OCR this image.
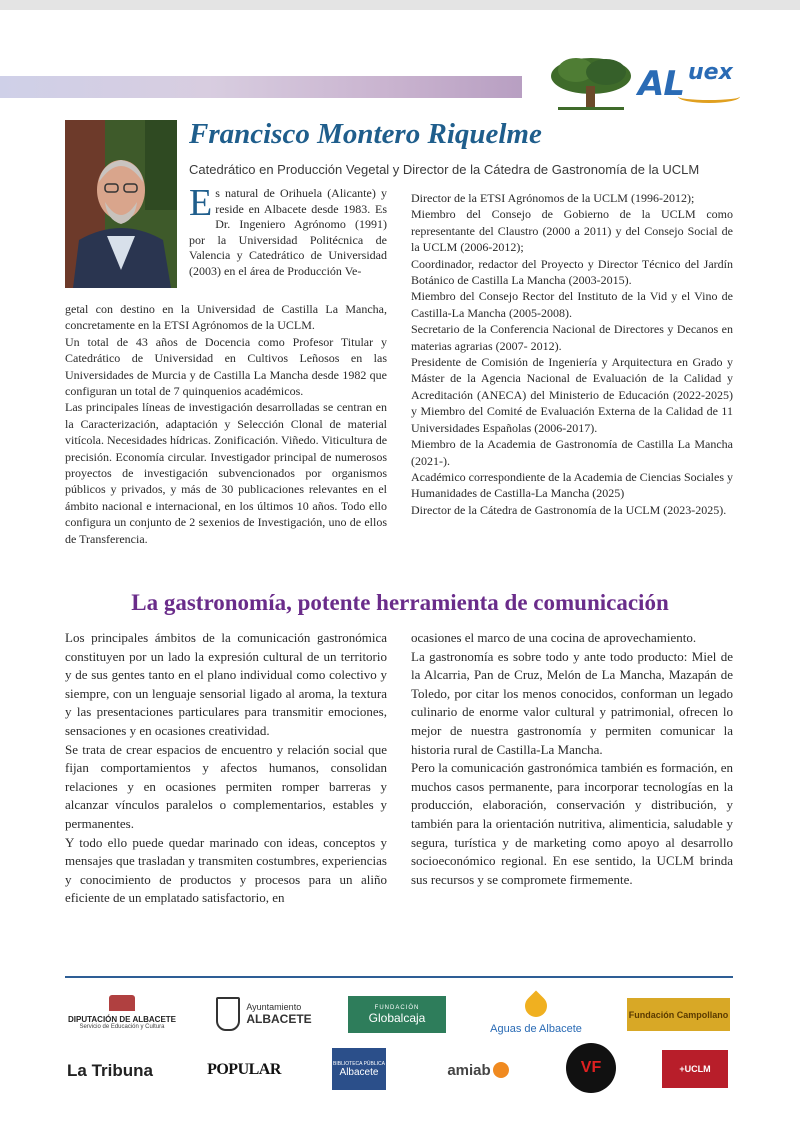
AL uex
Francisco Montero Riquelme
Catedrático en Producción Vegetal y Director de la Cátedra de Gastronomía de la UCLM
E s natural de Orihuela (Alicante) y reside en Albacete desde 1983. Es Dr. Ingeniero Agrónomo (1991) por la Universidad Politécnica de Valencia y Catedrático de Universidad (2003) en el área de Producción Ve-

getal con destino en la Universidad de Castilla La Mancha, concretamente en la ETSI Agrónomos de la UCLM.

Un total de 43 años de Docencia como Profesor Titular y Catedrático de Universidad en Cultivos Leñosos en las Universidades de Murcia y de Castilla La Mancha desde 1982 que configuran un total de 7 quinquenios académicos.

Las principales líneas de investigación desarrolladas se centran en la Caracterización, adaptación y Selección Clonal de material vitícola. Necesidades hídricas. Zonificación. Viñedo. Viticultura de precisión. Economía circular. Investigador principal de numerosos proyectos de investigación subvencionados por organismos públicos y privados, y más de 30 publicaciones relevantes en el ámbito nacional e internacional, en los últimos 10 años. Todo ello configura un conjunto de 2 sexenios de Investigación, uno de ellos de Transferencia.

Director de la ETSI Agrónomos de la UCLM (1996-2012);

Miembro del Consejo de Gobierno de la UCLM como representante del Claustro (2000 a 2011) y del Consejo Social de la UCLM (2006-2012);

Coordinador, redactor del Proyecto y Director Técnico del Jardín Botánico de Castilla La Mancha (2003-2015).

Miembro del Consejo Rector del Instituto de la Vid y el Vino de Castilla-La Mancha (2005-2008).

Secretario de la Conferencia Nacional de Directores y Decanos en materias agrarias (2007- 2012).

Presidente de Comisión de Ingeniería y Arquitectura en Grado y Máster de la Agencia Nacional de Evaluación de la Calidad y Acreditación (ANECA) del Ministerio de Educación (2022-2025) y Miembro del Comité de Evaluación Externa de la Calidad de 11 Universidades Españolas (2006-2017).

Miembro de la Academia de Gastronomía de Castilla La Mancha (2021-).

Académico correspondiente de la Academia de Ciencias Sociales y Humanidades de Castilla-La Mancha (2025)

Director de la Cátedra de Gastronomía de la UCLM (2023-2025).

La gastronomía, potente herramienta de comunicación

Los principales ámbitos de la comunicación gastronómica constituyen por un lado la expresión cultural de un territorio y de sus gentes tanto en el plano individual como colectivo y siempre, con un lenguaje sensorial ligado al aroma, la textura y las presentaciones particulares para transmitir emociones, sensaciones y en ocasiones creatividad.

Se trata de crear espacios de encuentro y relación social que fijan comportamientos y afectos humanos, consolidan relaciones y en ocasiones permiten romper barreras y alcanzar vínculos paralelos o complementarios, estables y permanentes.

Y todo ello puede quedar marinado con ideas, conceptos y mensajes que trasladan y transmiten costumbres, experiencias y conocimiento de productos y procesos para un aliño eficiente de un emplatado satisfactorio, en

ocasiones el marco de una cocina de aprovechamiento.

La gastronomía es sobre todo y ante todo producto: Miel de la Alcarria, Pan de Cruz, Melón de La Mancha, Mazapán de Toledo, por citar los menos conocidos, conforman un legado culinario de enorme valor cultural y patrimonial, ofrecen lo mejor de nuestra gastronomía y permiten comunicar la historia rural de Castilla-La Mancha.

Pero la comunicación gastronómica también es formación, en muchos casos permanente, para incorporar tecnologías en la producción, elaboración, conservación y distribución, y también para la orientación nutritiva, alimenticia, saludable y segura, turística y de marketing como apoyo al desarrollo socioeconómico regional. En ese sentido, la UCLM brinda sus recursos y se compromete firmemente.

DIPUTACIÓN DE ALBACETE
Servicio de Educación y Cultura
Ayuntamiento
ALBACETE
FUNDACIÓN
Globalcaja
Aguas de Albacete
Fundación Campollano
La Tribuna	POPULAR	BIBLIOTECA PÚBLICA
Albacete	amiab	VF	+UCLM
